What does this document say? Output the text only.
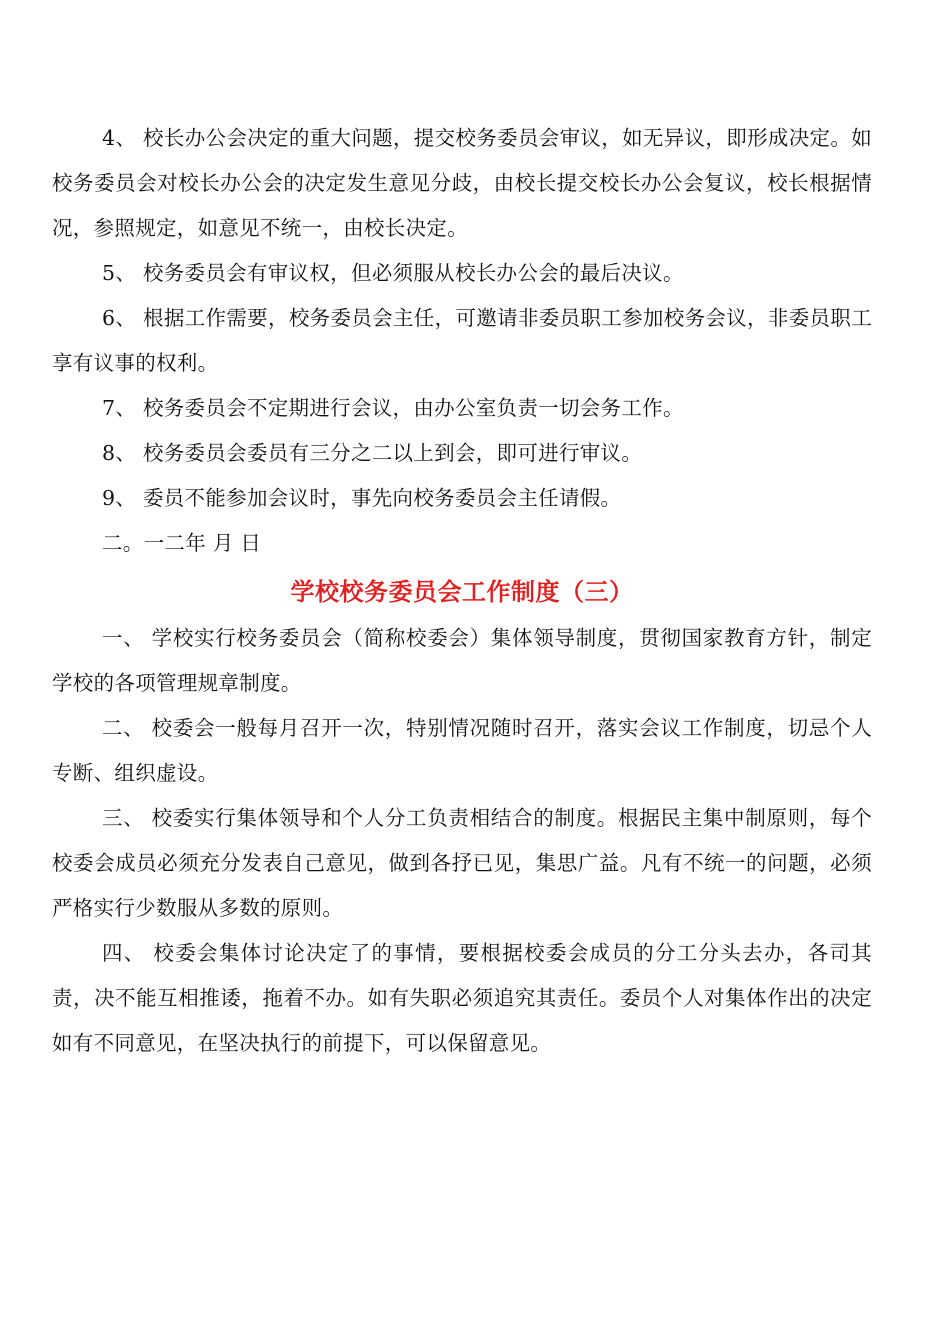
4、 校长办公会决定的重大问题，提交校务委员会审议，如无异议，即形成决定。如校务委员会对校长办公会的决定发生意见分歧，由校长提交校长办公会复议，校长根据情况，参照规定，如意见不统一，由校长决定。

5、 校务委员会有审议权，但必须服从校长办公会的最后决议。

6、 根据工作需要，校务委员会主任，可邀请非委员职工参加校务会议，非委员职工享有议事的权利。

7、 校务委员会不定期进行会议，由办公室负责一切会务工作。

8、 校务委员会委员有三分之二以上到会，即可进行审议。

9、 委员不能参加会议时，事先向校务委员会主任请假。

二。一二年 月 日

学校校务委员会工作制度（三）

一、 学校实行校务委员会（简称校委会）集体领导制度，贯彻国家教育方针，制定学校的各项管理规章制度。

二、 校委会一般每月召开一次，特别情况随时召开，落实会议工作制度，切忌个人专断、组织虚设。

三、 校委实行集体领导和个人分工负责相结合的制度。根据民主集中制原则，每个校委会成员必须充分发表自己意见，做到各抒已见，集思广益。凡有不统一的问题，必须严格实行少数服从多数的原则。

四、 校委会集体讨论决定了的事情，要根据校委会成员的分工分头去办，各司其责，决不能互相推诿，拖着不办。如有失职必须追究其责任。委员个人对集体作出的决定如有不同意见，在坚决执行的前提下，可以保留意见。
